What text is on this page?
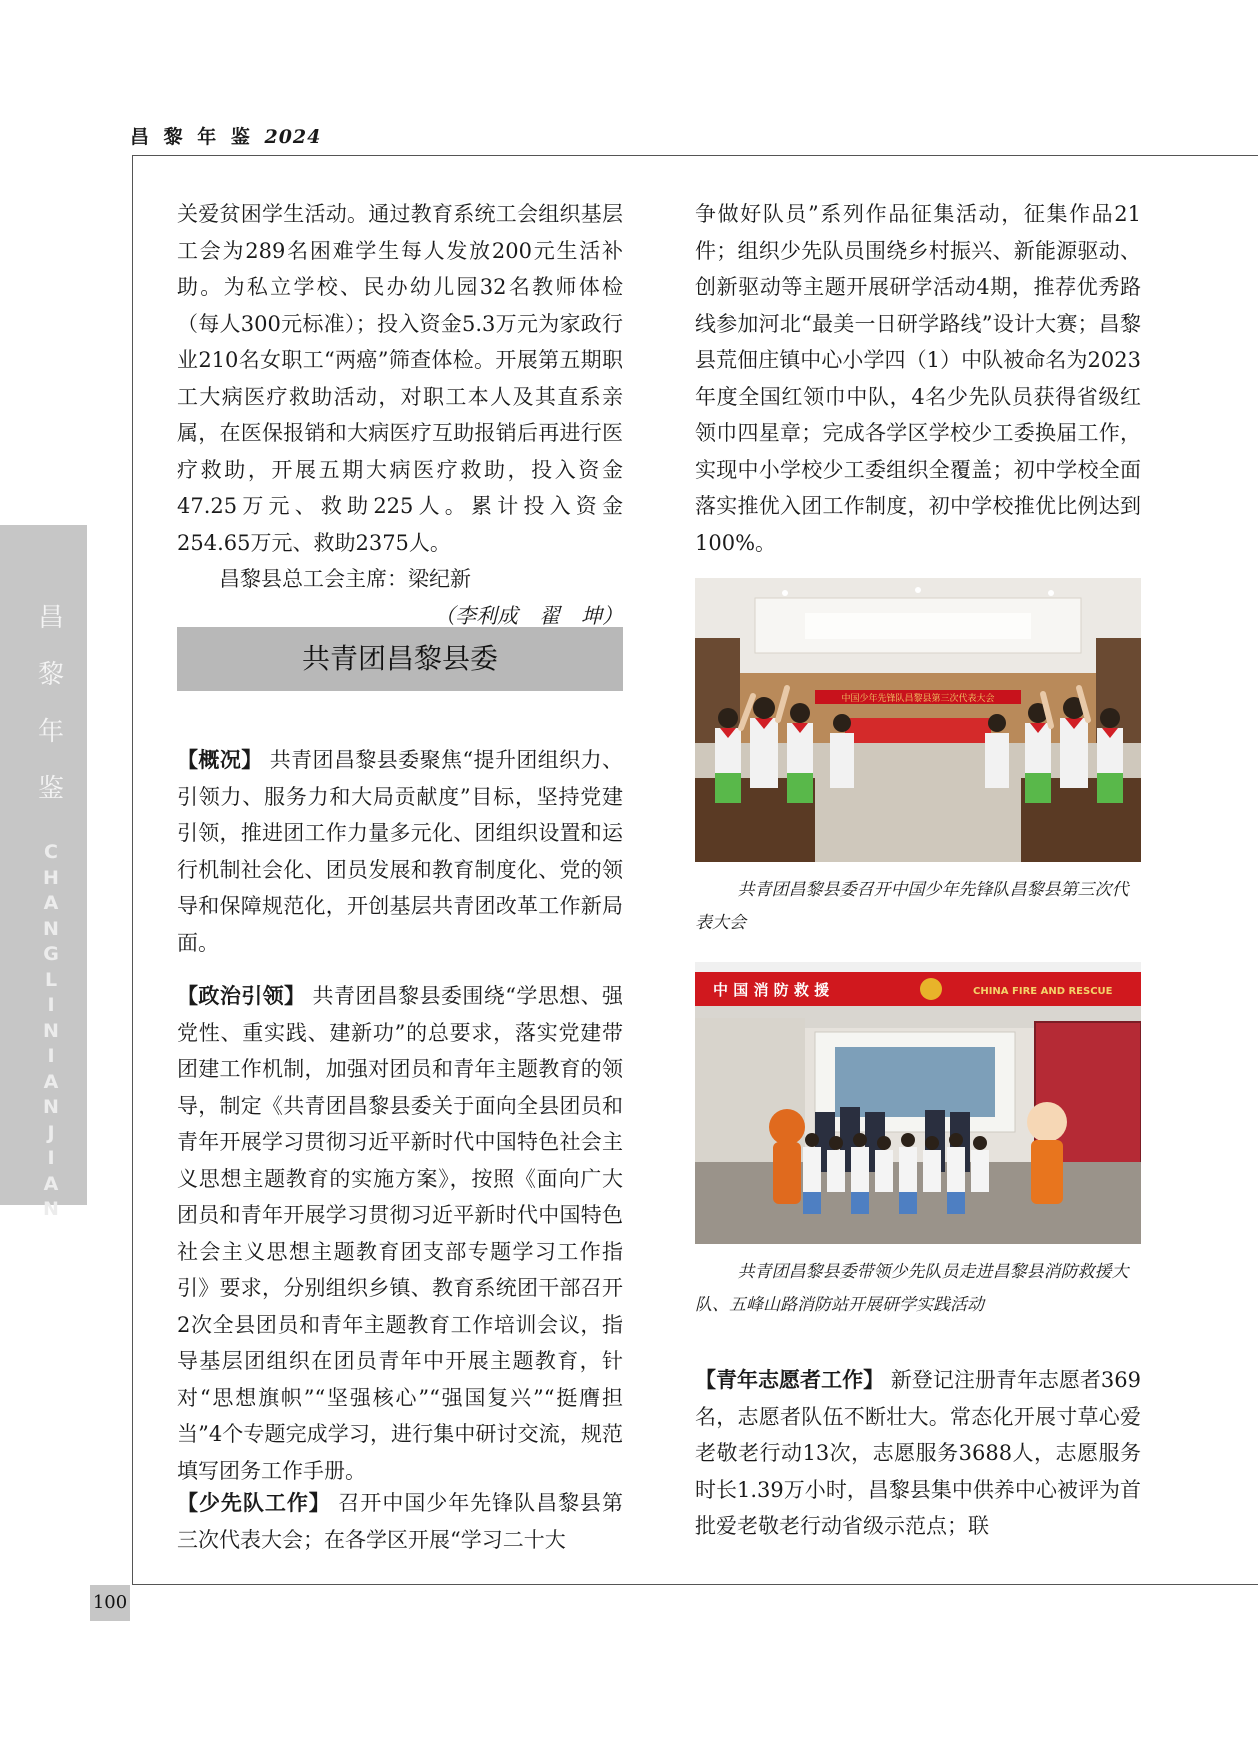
昌 黎 年 鉴 2024
昌
黎
年
鉴
C
H
A
N
G
L
I
N
I
A
N
J
I
A
N
100

关爱贫困学生活动。通过教育系统工会组织基层工会为289名困难学生每人发放200元生活补助。为私立学校、民办幼儿园32名教师体检（每人300元标准）；投入资金5.3万元为家政行业210名女职工“两癌”筛查体检。开展第五期职工大病医疗救助活动，对职工本人及其直系亲属，在医保报销和大病医疗互助报销后再进行医疗救助，开展五期大病医疗救助，投入资金47.25万元、救助225人。累计投入资金254.65万元、救助2375人。

昌黎县总工会主席：梁纪新

（李利成　翟　坤）

共青团昌黎县委

【概况】 共青团昌黎县委聚焦“提升团组织力、引领力、服务力和大局贡献度”目标，坚持党建引领，推进团工作力量多元化、团组织设置和运行机制社会化、团员发展和教育制度化、党的领导和保障规范化，开创基层共青团改革工作新局面。

【政治引领】 共青团昌黎县委围绕“学思想、强党性、重实践、建新功”的总要求，落实党建带团建工作机制，加强对团员和青年主题教育的领导，制定《共青团昌黎县委关于面向全县团员和青年开展学习贯彻习近平新时代中国特色社会主义思想主题教育的实施方案》，按照《面向广大团员和青年开展学习贯彻习近平新时代中国特色社会主义思想主题教育团支部专题学习工作指引》要求，分别组织乡镇、教育系统团干部召开2次全县团员和青年主题教育工作培训会议，指导基层团组织在团员青年中开展主题教育，针对“思想旗帜”“坚强核心”“强国复兴”“挺膺担当”4个专题完成学习，进行集中研讨交流，规范填写团务工作手册。

【少先队工作】 召开中国少年先锋队昌黎县第三次代表大会；在各学区开展“学习二十大

争做好队员”系列作品征集活动，征集作品21件；组织少先队员围绕乡村振兴、新能源驱动、创新驱动等主题开展研学活动4期，推荐优秀路线参加河北“最美一日研学路线”设计大赛；昌黎县荒佃庄镇中心小学四（1）中队被命名为2023年度全国红领巾中队，4名少先队员获得省级红领巾四星章；完成各学区学校少工委换届工作，实现中小学校少工委组织全覆盖；初中学校全面落实推优入团工作制度，初中学校推优比例达到100%。

中国少年先锋队昌黎县第三次代表大会
共青团昌黎县委召开中国少年先锋队昌黎县第三次代表大会
中 国 消 防 救 援	CHINA FIRE AND RESCUE
共青团昌黎县委带领少先队员走进昌黎县消防救援大队、五峰山路消防站开展研学实践活动

【青年志愿者工作】 新登记注册青年志愿者369名，志愿者队伍不断壮大。常态化开展寸草心爱老敬老行动13次，志愿服务3688人，志愿服务时长1.39万小时，昌黎县集中供养中心被评为首批爱老敬老行动省级示范点；联
